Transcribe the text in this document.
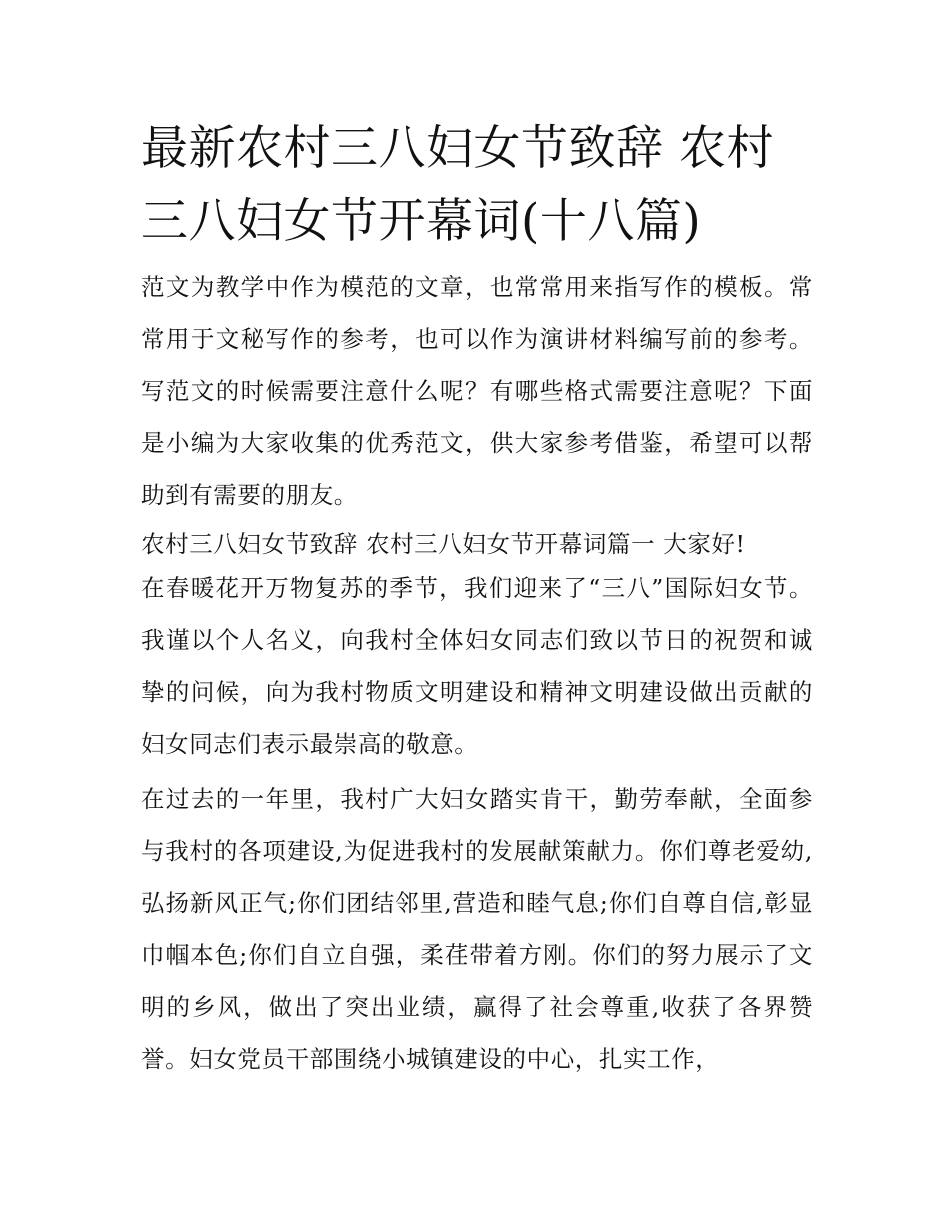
最新农村三八妇女节致辞 农村三八妇女节开幕词(十八篇)

范文为教学中作为模范的文章，也常常用来指写作的模板。常常用于文秘写作的参考，也可以作为演讲材料编写前的参考。写范文的时候需要注意什么呢？有哪些格式需要注意呢？下面是小编为大家收集的优秀范文，供大家参考借鉴，希望可以帮助到有需要的朋友。

农村三八妇女节致辞 农村三八妇女节开幕词篇一 大家好!

在春暖花开万物复苏的季节，我们迎来了“三八”国际妇女节。我谨以个人名义，向我村全体妇女同志们致以节日的祝贺和诚挚的问候，向为我村物质文明建设和精神文明建设做出贡献的妇女同志们表示最崇高的敬意。

在过去的一年里，我村广大妇女踏实肯干，勤劳奉献，全面参与我村的各项建设,为促进我村的发展献策献力。你们尊老爱幼,弘扬新风正气;你们团结邻里,营造和睦气息;你们自尊自信,彰显巾帼本色;你们自立自强，柔荏带着方刚。你们的努力展示了文明的乡风，做出了突出业绩，赢得了社会尊重,收获了各界赞誉。妇女党员干部围绕小城镇建设的中心，扎实工作，
